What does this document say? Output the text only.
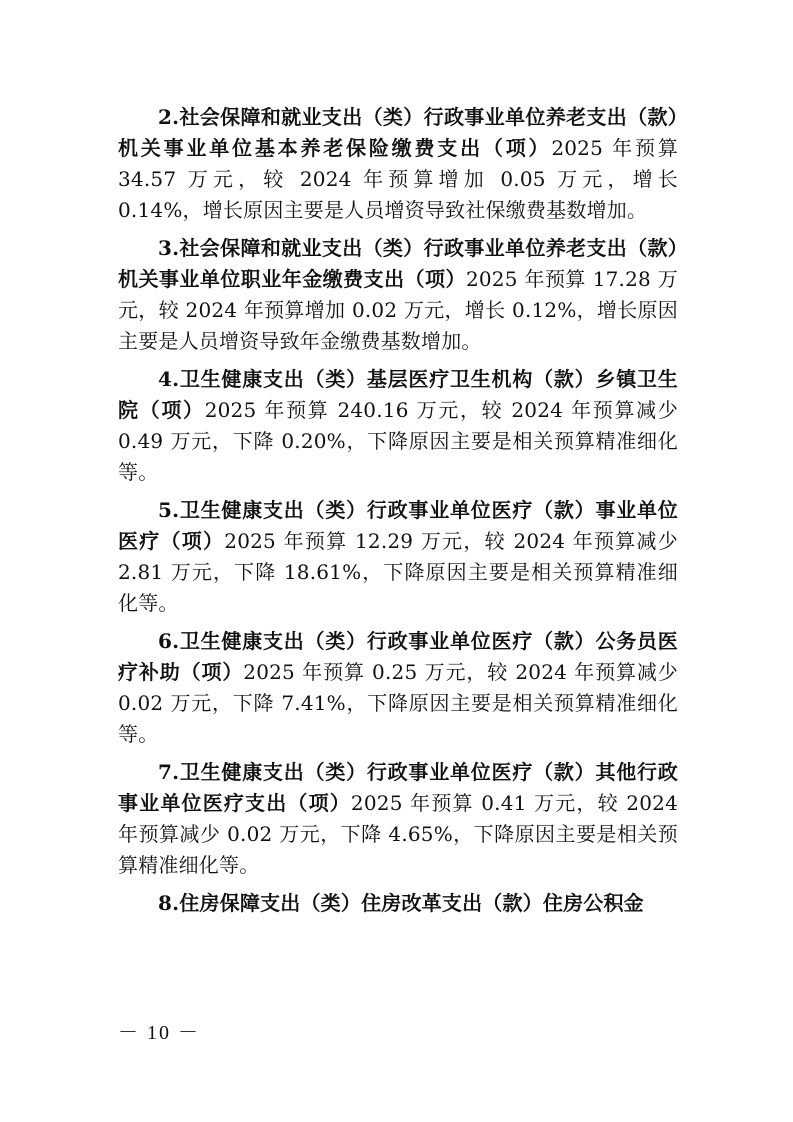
2.社会保障和就业支出（类）行政事业单位养老支出（款）机关事业单位基本养老保险缴费支出（项）2025 年预算 34.57 万元，较 2024 年预算增加 0.05 万元，增长 0.14%，增长原因主要是人员增资导致社保缴费基数增加。

3.社会保障和就业支出（类）行政事业单位养老支出（款）机关事业单位职业年金缴费支出（项）2025 年预算 17.28 万元，较 2024 年预算增加 0.02 万元，增长 0.12%，增长原因主要是人员增资导致年金缴费基数增加。

4.卫生健康支出（类）基层医疗卫生机构（款）乡镇卫生院（项）2025 年预算 240.16 万元，较 2024 年预算减少 0.49 万元，下降 0.20%，下降原因主要是相关预算精准细化等。

5.卫生健康支出（类）行政事业单位医疗（款）事业单位医疗（项）2025 年预算 12.29 万元，较 2024 年预算减少 2.81 万元，下降 18.61%，下降原因主要是相关预算精准细化等。

6.卫生健康支出（类）行政事业单位医疗（款）公务员医疗补助（项）2025 年预算 0.25 万元，较 2024 年预算减少 0.02 万元，下降 7.41%，下降原因主要是相关预算精准细化等。

7.卫生健康支出（类）行政事业单位医疗（款）其他行政事业单位医疗支出（项）2025 年预算 0.41 万元，较 2024 年预算减少 0.02 万元，下降 4.65%，下降原因主要是相关预算精准细化等。

8.住房保障支出（类）住房改革支出（款）住房公积金

－ 10 －
